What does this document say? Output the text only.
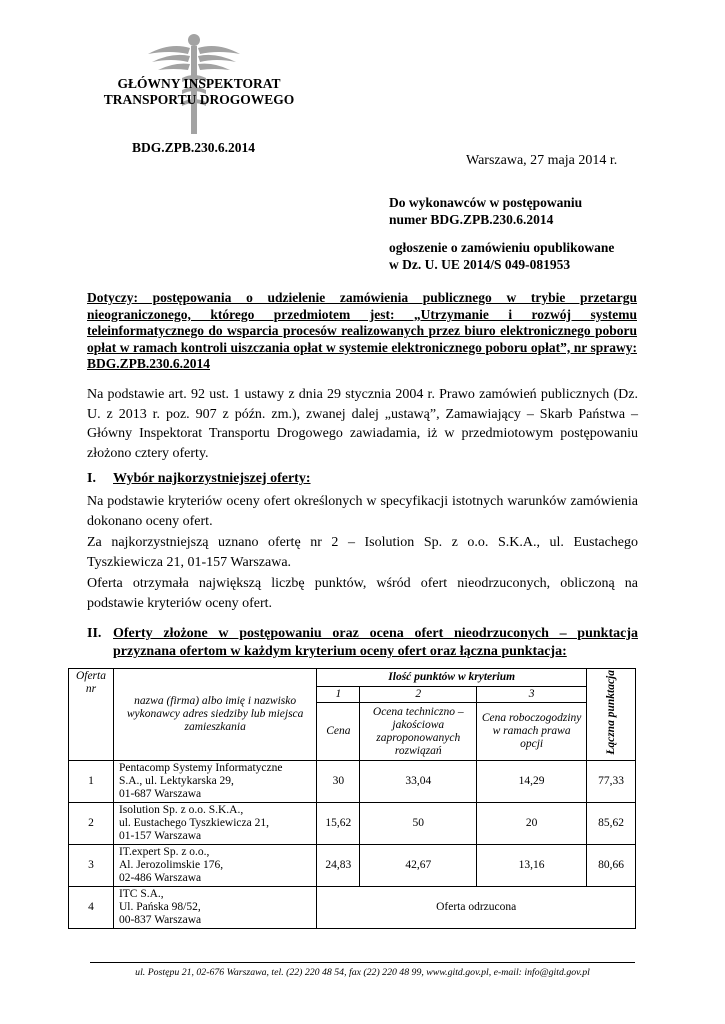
GŁÓWNY INSPEKTORAT
TRANSPORTU DROGOWEGO
BDG.ZPB.230.6.2014
Warszawa, 27 maja 2014 r.

Do wykonawców w postępowaniu
numer BDG.ZPB.230.6.2014

ogłoszenie o zamówieniu opublikowane
w Dz. U. UE 2014/S 049-081953

Dotyczy: postępowania o udzielenie zamówienia publicznego w trybie przetargu nieograniczonego, którego przedmiotem jest: „Utrzymanie i rozwój systemu teleinformatycznego do wsparcia procesów realizowanych przez biuro elektronicznego poboru opłat w ramach kontroli uiszczania opłat w systemie elektronicznego poboru opłat”, nr sprawy: BDG.ZPB.230.6.2014
Na podstawie art. 92 ust. 1 ustawy z dnia 29 stycznia 2004 r. Prawo zamówień publicznych (Dz. U. z 2013 r. poz. 907 z późn. zm.), zwanej dalej „ustawą”, Zamawiający – Skarb Państwa – Główny Inspektorat Transportu Drogowego zawiadamia, iż w przedmiotowym postępowaniu złożono cztery oferty.
I. Wybór najkorzystniejszej oferty:
Na podstawie kryteriów oceny ofert określonych w specyfikacji istotnych warunków zamówienia dokonano oceny ofert.
Za najkorzystniejszą uznano ofertę nr 2 – Isolution Sp. z o.o. S.K.A., ul. Eustachego Tyszkiewicza 21, 01-157 Warszawa.
Oferta otrzymała największą liczbę punktów, wśród ofert nieodrzuconych, obliczoną na podstawie kryteriów oceny ofert.
II. Oferty złożone w postępowaniu oraz ocena ofert nieodrzuconych – punktacja przyznana ofertom w każdym kryterium oceny ofert oraz łączna punktacja:
Oferta nr	nazwa (firma) albo imię i nazwisko wykonawcy adres siedziby lub miejsca zamieszkania	Ilość punktów w kryterium			Łączna punktacja
		1	2	3	
		Cena	Ocena techniczno – jakościowa zaproponowanych rozwiązań	Cena roboczogodziny w ramach prawa opcji	
1	Pentacomp Systemy Informatyczne
S.A., ul. Lektykarska 29,
01-687 Warszawa	30	33,04	14,29	77,33
2	Isolution Sp. z o.o. S.K.A.,
ul. Eustachego Tyszkiewicza 21,
01-157 Warszawa	15,62	50	20	85,62
3	IT.expert Sp. z o.o.,
Al. Jerozolimskie 176,
02-486 Warszawa	24,83	42,67	13,16	80,66
4	ITC S.A.,
Ul. Pańska 98/52,
00-837 Warszawa	Oferta odrzucona			
ul. Postępu 21, 02-676 Warszawa, tel. (22) 220 48 54, fax (22) 220 48 99, www.gitd.gov.pl, e-mail: info@gitd.gov.pl
